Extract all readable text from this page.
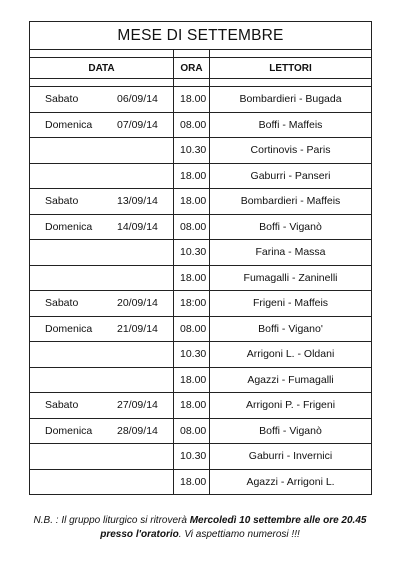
MESE DI SETTEMBRE		

DATA	ORA	LETTORI

Sabato 06/09/14	18.00	Bombardieri - Bugada

Domenica 07/09/14	08.00	Boffi - Maffeis

	10.30	Cortinovis - Paris

	18.00	Gaburri - Panseri

Sabato 13/09/14	18.00	Bombardieri - Maffeis

Domenica 14/09/14	08.00	Boffi - Viganò

	10.30	Farina - Massa

	18.00	Fumagalli - Zaninelli

Sabato 20/09/14	18:00	Frigeni - Maffeis

Domenica 21/09/14	08.00	Boffi - Vigano'

	10.30	Arrigoni L. - Oldani

	18.00	Agazzi - Fumagalli

Sabato 27/09/14	18.00	Arrigoni P. - Frigeni

Domenica 28/09/14	08.00	Boffi - Viganò

	10.30	Gaburri - Invernici

	18.00	Agazzi - Arrigoni L.
N.B. : Il gruppo liturgico si ritroverà Mercoledì 10 settembre alle ore 20.45
presso l'oratorio. Vi aspettiamo numerosi !!!
